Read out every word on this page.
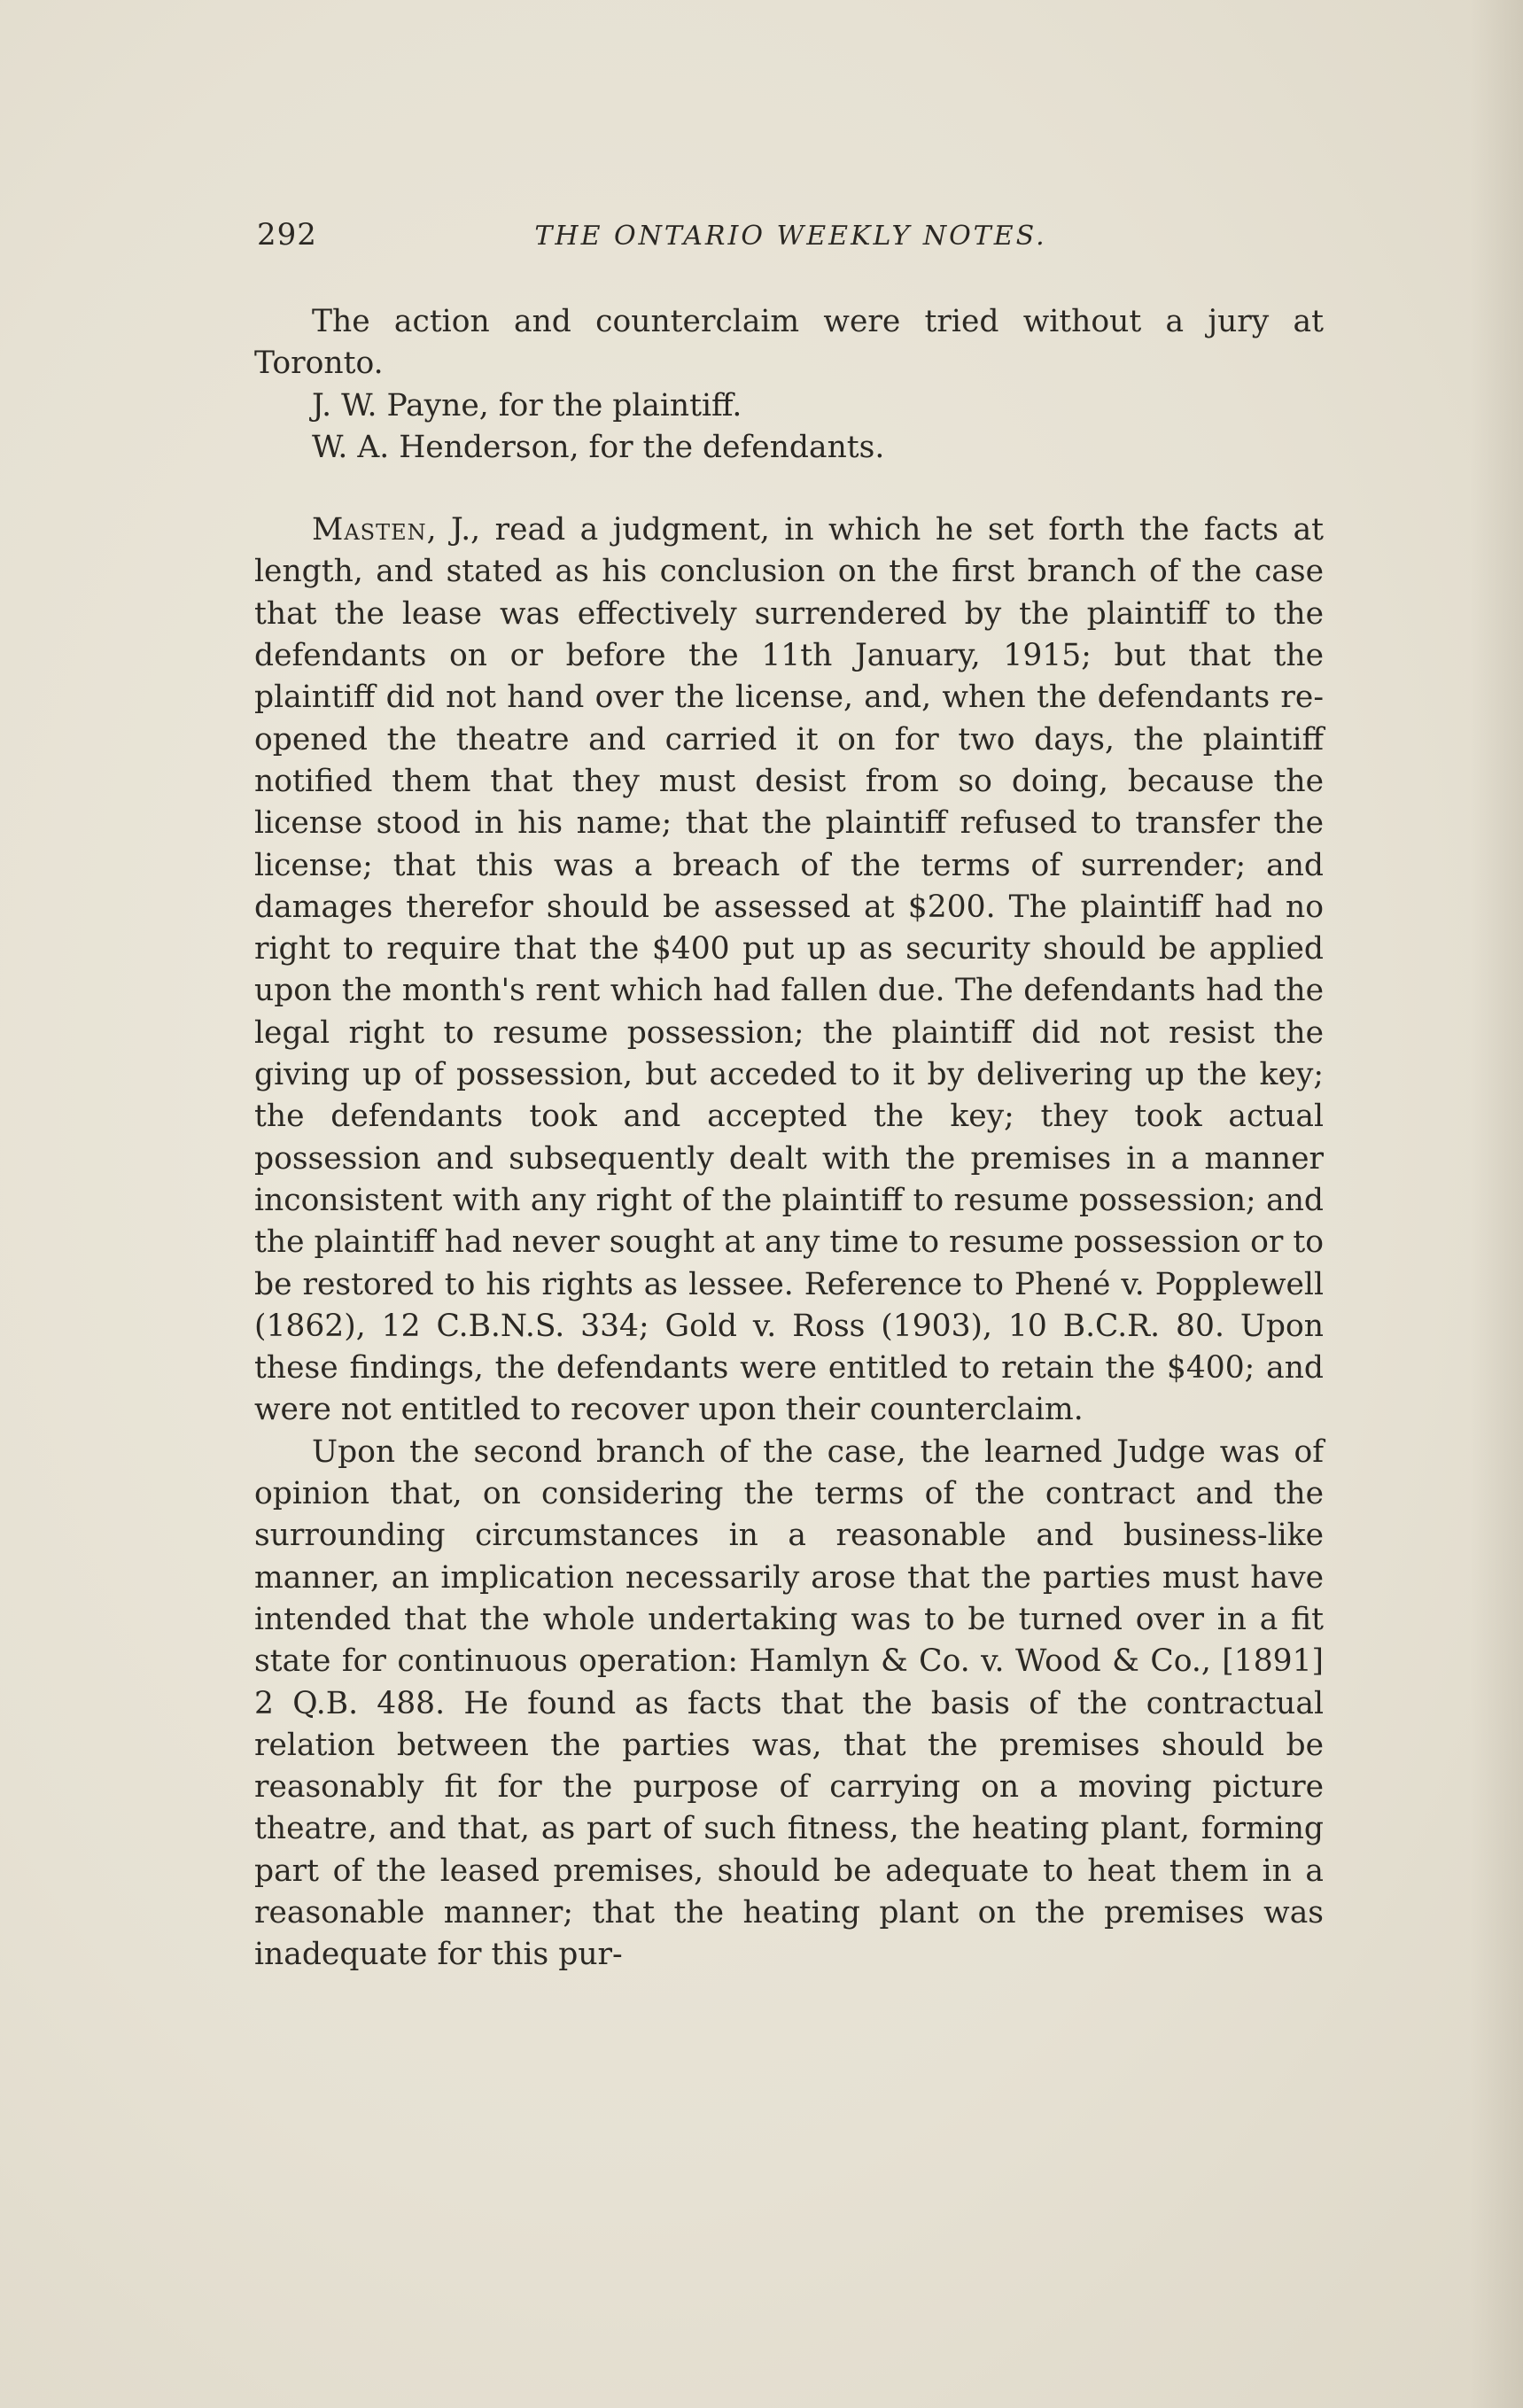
292	THE ONTARIO WEEKLY NOTES.

The action and counterclaim were tried without a jury at Toronto.

J. W. Payne, for the plaintiff.

W. A. Henderson, for the defendants.

Masten, J., read a judgment, in which he set forth the facts at length, and stated as his conclusion on the first branch of the case that the lease was effectively surrendered by the plaintiff to the defendants on or before the 11th January, 1915; but that the plaintiff did not hand over the license, and, when the defendants re-opened the theatre and carried it on for two days, the plaintiff notified them that they must desist from so doing, because the license stood in his name; that the plaintiff refused to transfer the license; that this was a breach of the terms of surrender; and damages therefor should be assessed at $200. The plaintiff had no right to require that the $400 put up as security should be applied upon the month's rent which had fallen due. The defendants had the legal right to resume possession; the plaintiff did not resist the giving up of possession, but acceded to it by delivering up the key; the defendants took and accepted the key; they took actual possession and subsequently dealt with the premises in a manner inconsistent with any right of the plaintiff to resume possession; and the plaintiff had never sought at any time to resume possession or to be restored to his rights as lessee. Reference to Phené v. Popplewell (1862), 12 C.B.N.S. 334; Gold v. Ross (1903), 10 B.C.R. 80. Upon these findings, the defendants were entitled to retain the $400; and were not entitled to recover upon their counterclaim.

Upon the second branch of the case, the learned Judge was of opinion that, on considering the terms of the contract and the surrounding circumstances in a reasonable and business-like manner, an implication necessarily arose that the parties must have intended that the whole undertaking was to be turned over in a fit state for continuous operation: Hamlyn & Co. v. Wood & Co., [1891] 2 Q.B. 488. He found as facts that the basis of the contractual relation between the parties was, that the premises should be reasonably fit for the purpose of carrying on a moving picture theatre, and that, as part of such fitness, the heating plant, forming part of the leased premises, should be adequate to heat them in a reasonable manner; that the heating plant on the premises was inadequate for this pur-
